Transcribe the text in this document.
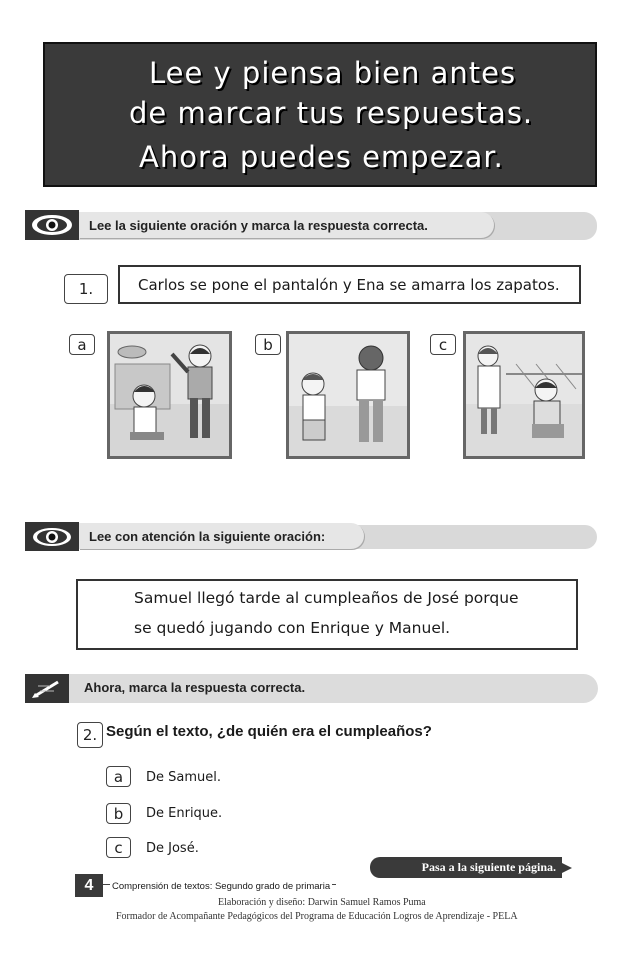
Lee y piensa bien antes
de marcar tus respuestas.
Ahora puedes empezar.
Lee la siguiente oración y marca la respuesta correcta.
1.	Carlos se pone el pantalón y Ena se amarra los zapatos.
a	b	c
Lee con atención la siguiente oración:
Samuel llegó tarde al cumpleaños de José porque
se quedó jugando con Enrique y Manuel.
Ahora, marca la respuesta correcta.
2. Según el texto, ¿de quién era el cumpleaños?
a	De Samuel.
b	De Enrique.
c	De José.
Pasa a la siguiente página.
4	Comprensión de textos: Segundo grado de primaria
Elaboración y diseño: Darwin Samuel Ramos Puma
Formador de Acompañante Pedagógicos del Programa de Educación Logros de Aprendizaje - PELA
